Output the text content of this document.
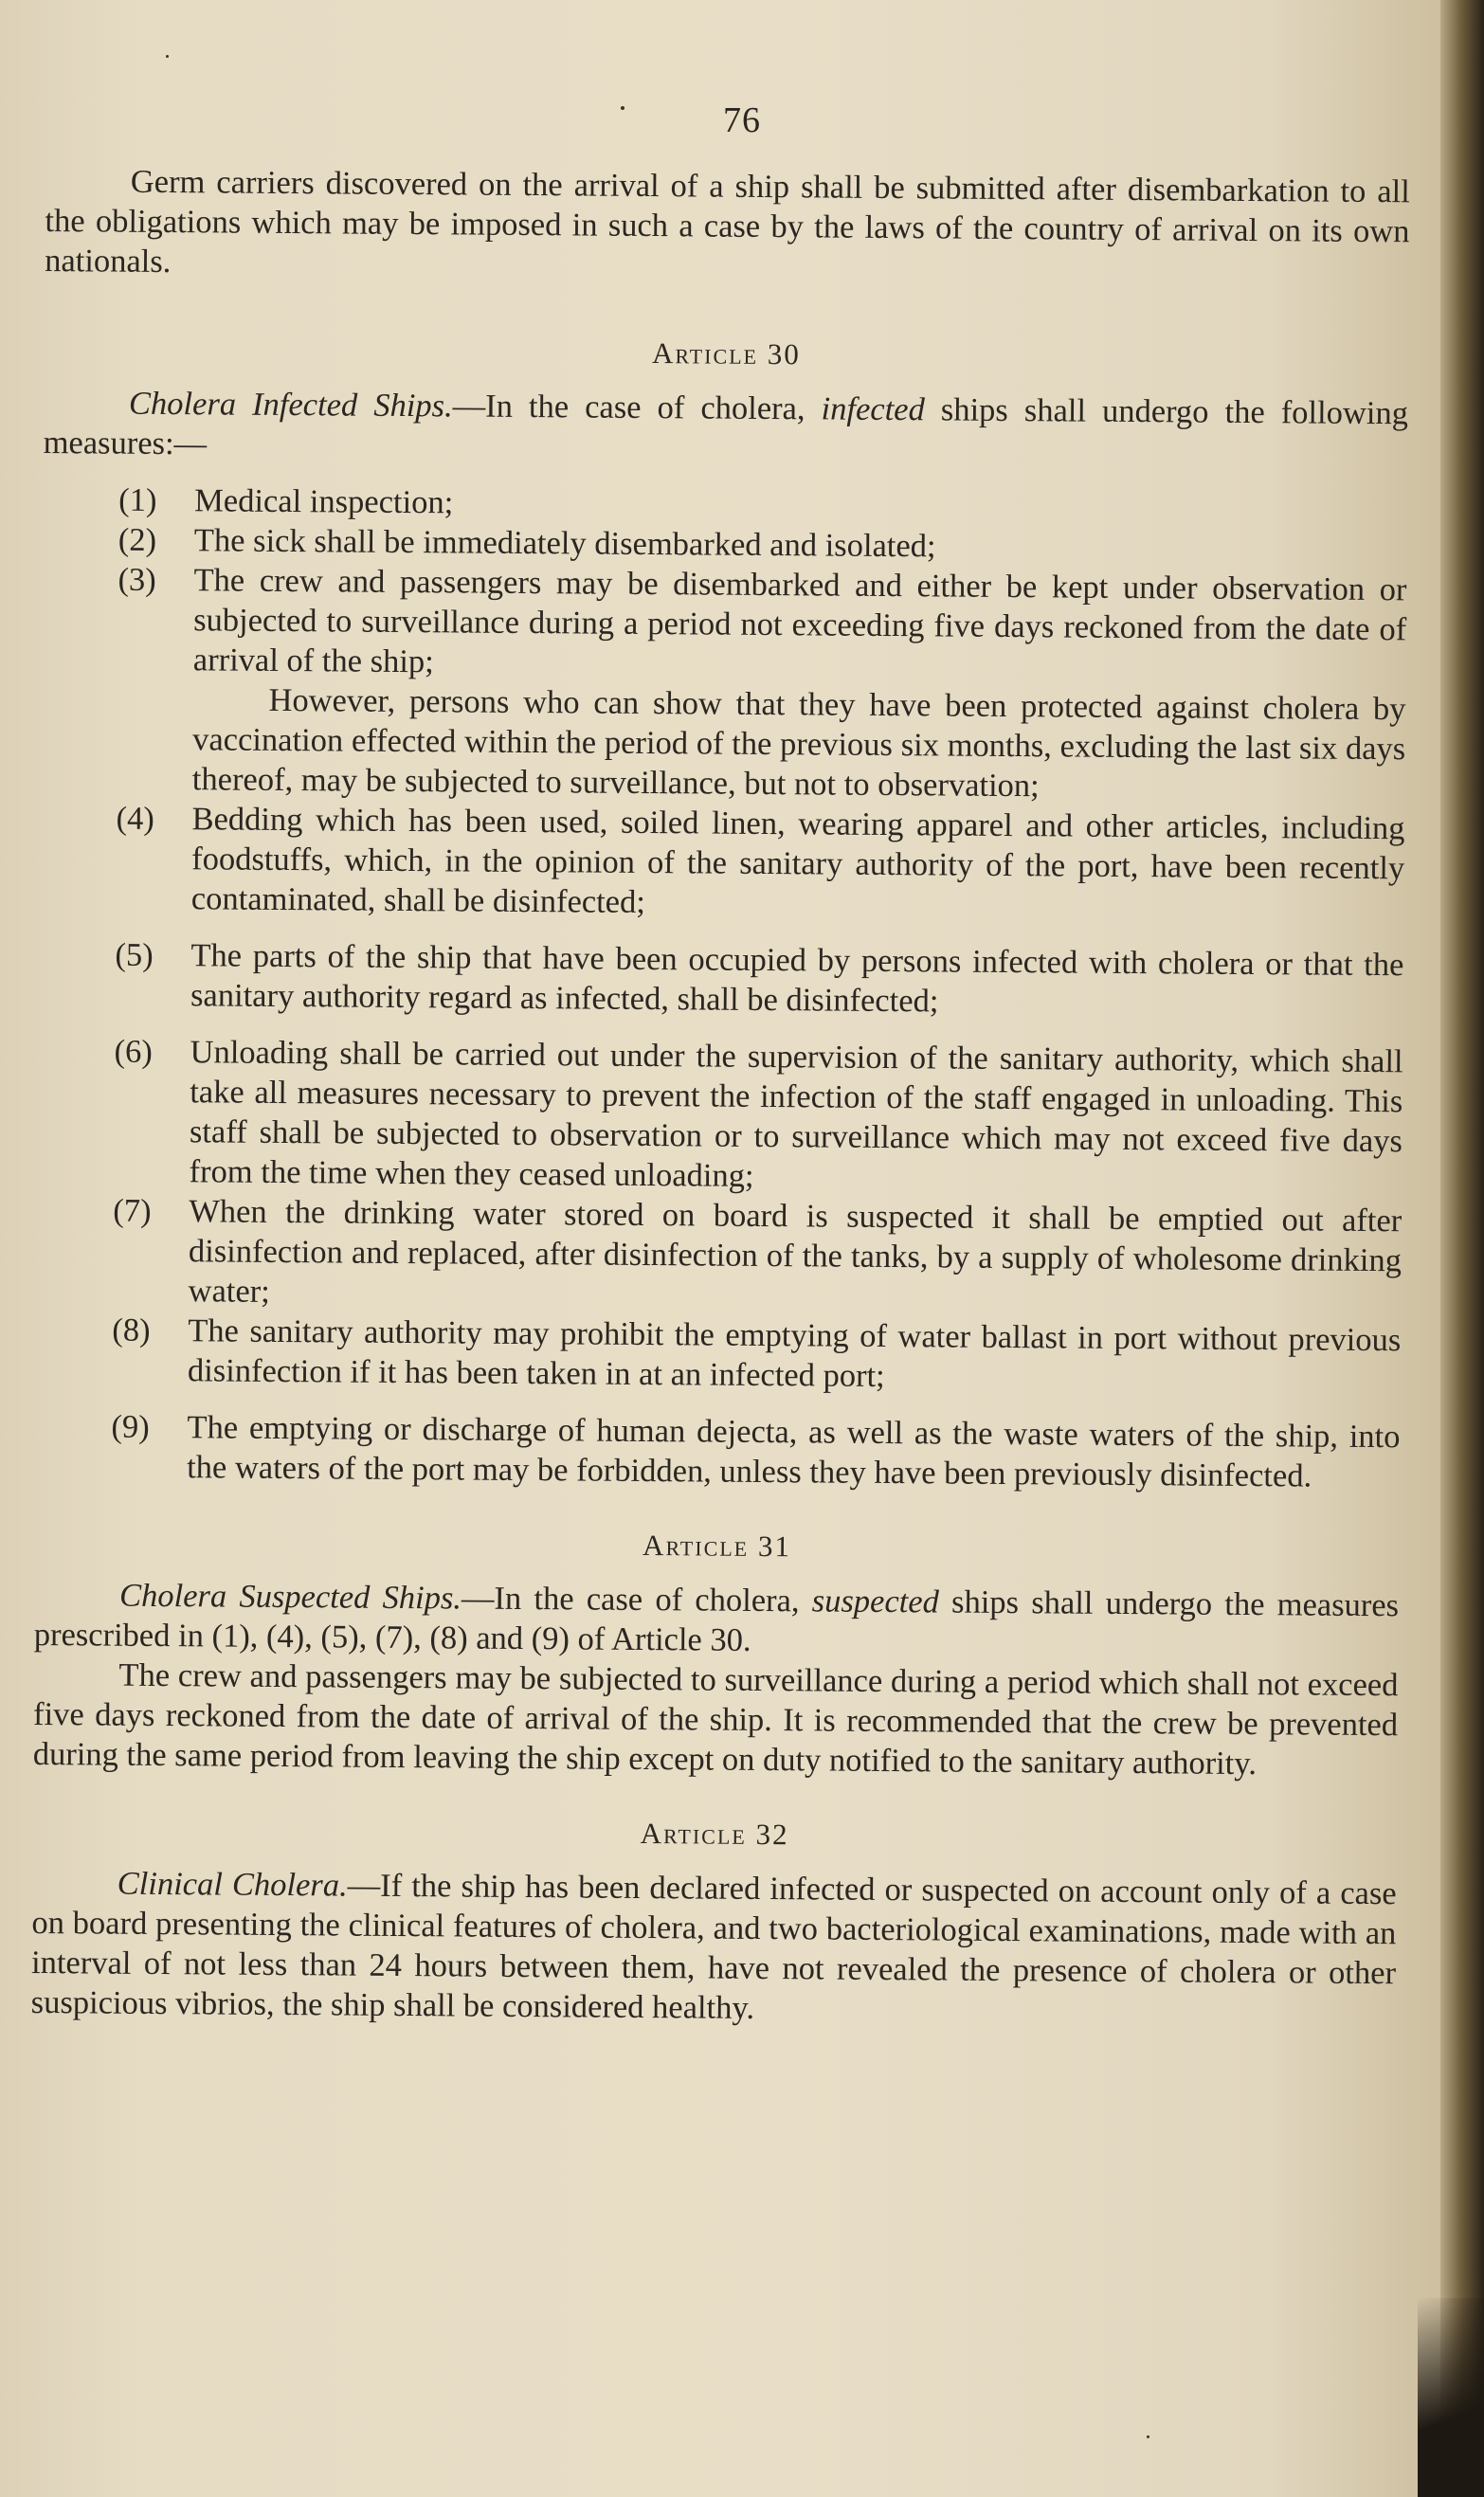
76

Germ carriers discovered on the arrival of a ship shall be submitted after disembarkation to all the obligations which may be imposed in such a case by the laws of the country of arrival on its own nationals.

Article 30

Cholera Infected Ships.—In the case of cholera, infected ships shall undergo the following measures:—

(1)	Medical inspection;
(2)	The sick shall be immediately disembarked and isolated;
(3)	The crew and passengers may be disembarked and either be kept under observation or subjected to surveillance during a period not exceeding five days reckoned from the date of arrival of the ship;

However, persons who can show that they have been protected against cholera by vaccination effected within the period of the previous six months, excluding the last six days thereof, may be subjected to surveillance, but not to observation;

(4)	Bedding which has been used, soiled linen, wearing apparel and other articles, including foodstuffs, which, in the opinion of the sanitary authority of the port, have been recently contaminated, shall be disinfected;
(5)	The parts of the ship that have been occupied by persons infected with cholera or that the sanitary authority regard as infected, shall be disinfected;
(6)	Unloading shall be carried out under the supervision of the sanitary authority, which shall take all measures necessary to prevent the infection of the staff engaged in unloading. This staff shall be subjected to observation or to surveillance which may not exceed five days from the time when they ceased unloading;
(7)	When the drinking water stored on board is suspected it shall be emptied out after disinfection and replaced, after disinfection of the tanks, by a supply of wholesome drinking water;
(8)	The sanitary authority may prohibit the emptying of water ballast in port without previous disinfection if it has been taken in at an infected port;
(9)	The emptying or discharge of human dejecta, as well as the waste waters of the ship, into the waters of the port may be forbidden, unless they have been previously disinfected.

Article 31

Cholera Suspected Ships.—In the case of cholera, suspected ships shall undergo the measures prescribed in (1), (4), (5), (7), (8) and (9) of Article 30.

The crew and passengers may be subjected to surveillance during a period which shall not exceed five days reckoned from the date of arrival of the ship. It is recommended that the crew be prevented during the same period from leaving the ship except on duty notified to the sanitary authority.

Article 32

Clinical Cholera.—If the ship has been declared infected or suspected on account only of a case on board presenting the clinical features of cholera, and two bacteriological examinations, made with an interval of not less than 24 hours between them, have not revealed the presence of cholera or other suspicious vibrios, the ship shall be considered healthy.
